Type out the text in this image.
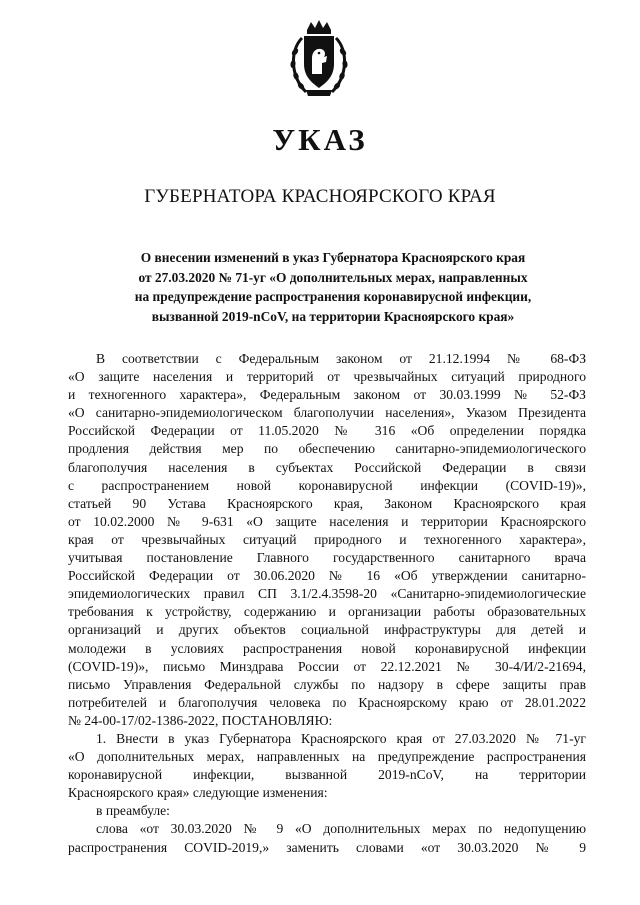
УКАЗ
ГУБЕРНАТОРА КРАСНОЯРСКОГО КРАЯ
О внесении изменений в указ Губернатора Красноярского края
от 27.03.2020 № 71-уг «О дополнительных мерах, направленных
на предупреждение распространения коронавирусной инфекции,
вызванной 2019-nCoV, на территории Красноярского края»
В соответствии с Федеральным законом от 21.12.1994 № 68-ФЗ
«О защите населения и территорий от чрезвычайных ситуаций природного
и техногенного характера», Федеральным законом от 30.03.1999 № 52-ФЗ
«О санитарно-эпидемиологическом благополучии населения», Указом Президента
Российской Федерации от 11.05.2020 № 316 «Об определении порядка
продления действия мер по обеспечению санитарно-эпидемиологического
благополучия населения в субъектах Российской Федерации в связи
с распространением новой коронавирусной инфекции (COVID-19)»,
статьей 90 Устава Красноярского края, Законом Красноярского края
от 10.02.2000 № 9-631 «О защите населения и территории Красноярского
края от чрезвычайных ситуаций природного и техногенного характера»,
учитывая постановление Главного государственного санитарного врача
Российской Федерации от 30.06.2020 № 16 «Об утверждении санитарно-
эпидемиологических правил СП 3.1/2.4.3598-20 «Санитарно-эпидемиологические
требования к устройству, содержанию и организации работы образовательных
организаций и других объектов социальной инфраструктуры для детей и
молодежи в условиях распространения новой коронавирусной инфекции
(COVID-19)», письмо Минздрава России от 22.12.2021 № 30-4/И/2-21694,
письмо Управления Федеральной службы по надзору в сфере защиты прав
потребителей и благополучия человека по Красноярскому краю от 28.01.2022
№ 24-00-17/02-1386-2022, ПОСТАНОВЛЯЮ:
1. Внести в указ Губернатора Красноярского края от 27.03.2020 № 71-уг
«О дополнительных мерах, направленных на предупреждение распространения
коронавирусной инфекции, вызванной 2019-nCoV, на территории
Красноярского края» следующие изменения:
в преамбуле:
слова «от 30.03.2020 № 9 «О дополнительных мерах по недопущению
распространения COVID-2019,» заменить словами «от 30.03.2020 № 9
